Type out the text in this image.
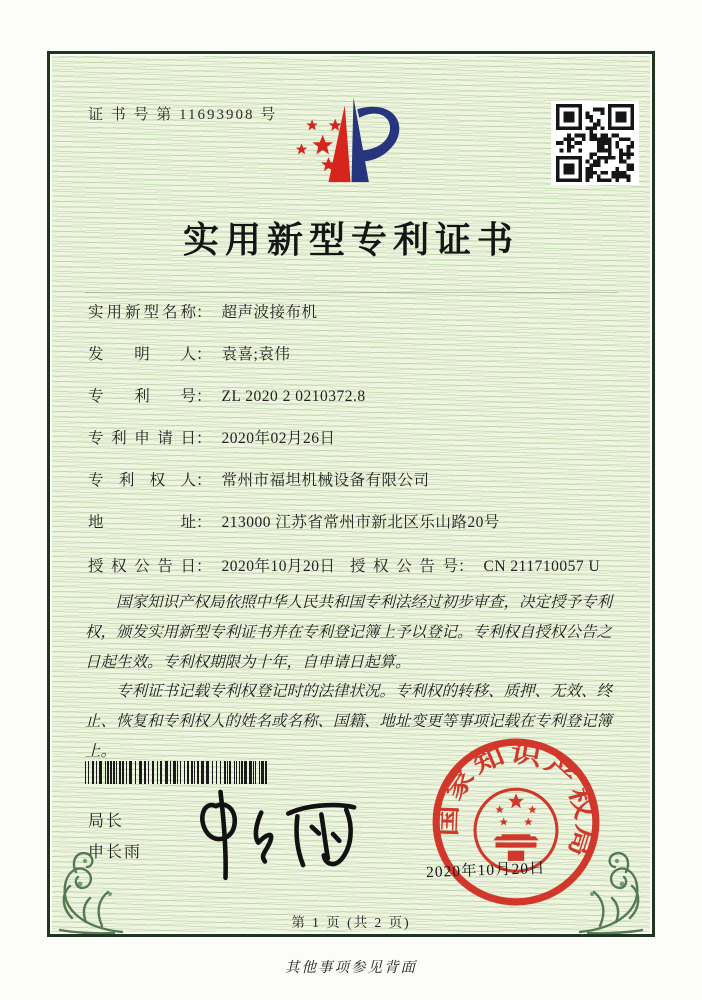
证 书 号 第 11693908 号
实用新型专利证书
实用新型名称： 超声波接布机
发明人： 袁喜;袁伟
专利号： ZL 2020 2 0210372.8
专利申请日： 2020年02月26日
专利权人： 常州市福坦机械设备有限公司
地址： 213000 江苏省常州市新北区乐山路20号
授权公告日： 2020年10月20日 授权公告号： CN 211710057 U

国家知识产权局依照中华人民共和国专利法经过初步审查，决定授予专利权，颁发实用新型专利证书并在专利登记簿上予以登记。专利权自授权公告之日起生效。专利权期限为十年，自申请日起算。

专利证书记载专利权登记时的法律状况。专利权的转移、质押、无效、终止、恢复和专利权人的姓名或名称、国籍、地址变更等事项记载在专利登记簿上。

局长
申长雨
国家知识产权局
2020年10月20日
第 1 页 (共 2 页)
其他事项参见背面
